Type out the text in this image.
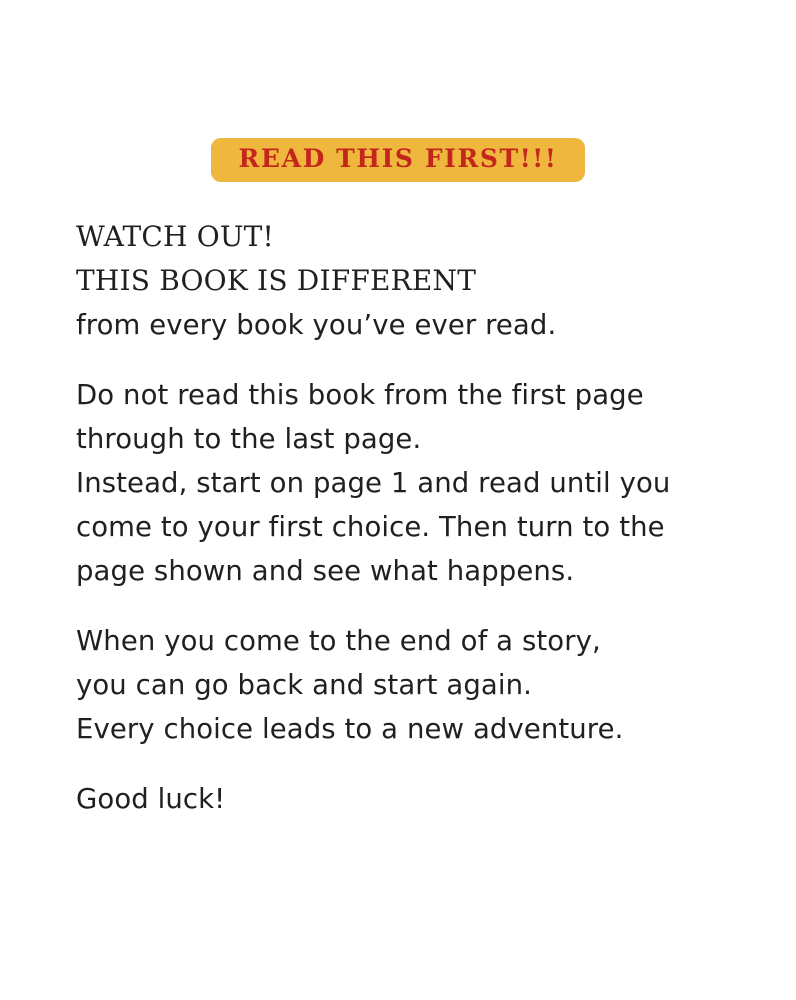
READ THIS FIRST!!!

WATCH OUT!
THIS BOOK IS DIFFERENT
from every book you’ve ever read.

Do not read this book from the first page
through to the last page.
Instead, start on page 1 and read until you
come to your first choice. Then turn to the
page shown and see what happens.

When you come to the end of a story,
you can go back and start again.
Every choice leads to a new adventure.

Good luck!
